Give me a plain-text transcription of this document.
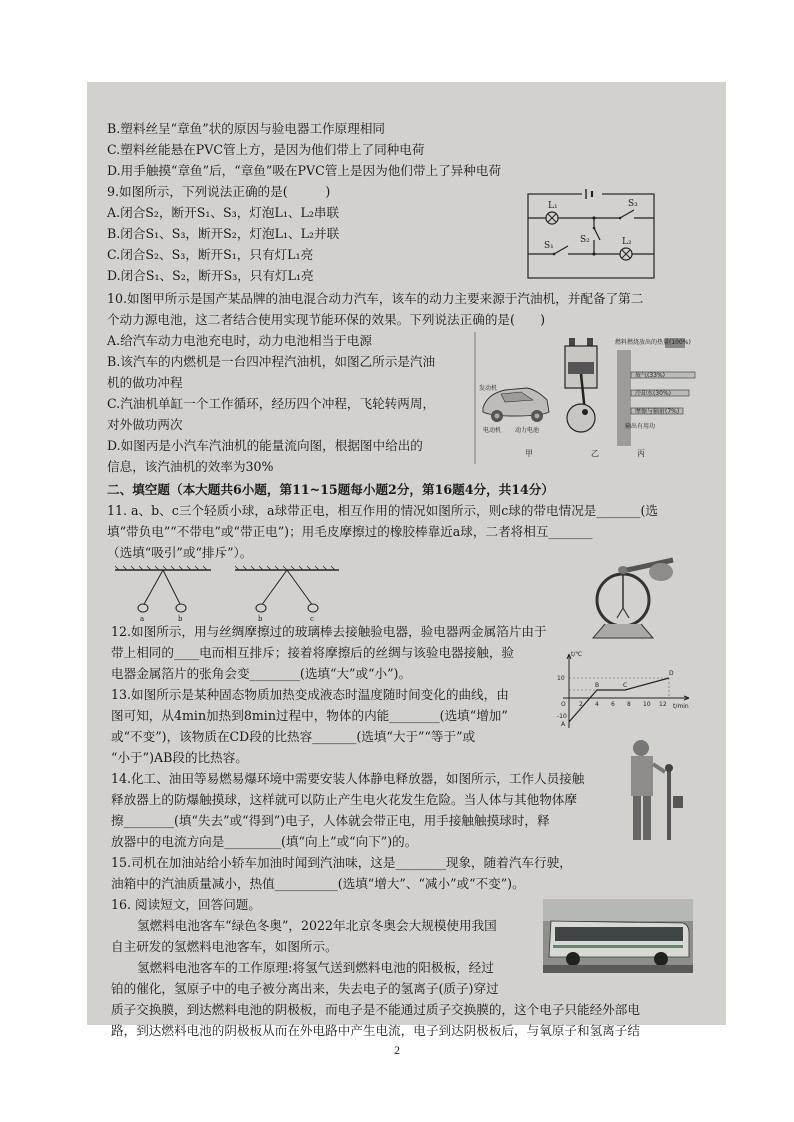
B.塑料丝呈“章鱼”状的原因与验电器工作原理相同
C.塑料丝能悬在PVC管上方，是因为他们带上了同种电荷
D.用手触摸“章鱼”后，“章鱼”吸在PVC管上是因为他们带上了异种电荷
9.如图所示，下列说法正确的是(　　　)
A.闭合S₂，断开S₁、S₃，灯泡L₁、L₂串联
B.闭合S₁、S₃，断开S₂，灯泡L₁、L₂并联
C.闭合S₂、S₃，断开S₁，只有灯L₁亮
D.闭合S₁、S₂，断开S₃，只有灯L₁亮
10.如图甲所示是国产某品牌的油电混合动力汽车，该车的动力主要来源于汽油机，并配备了第二
个动力源电池，这二者结合使用实现节能环保的效果。下列说法正确的是(　　)
A.给汽车动力电池充电时，动力电池相当于电源
B.该汽车的内燃机是一台四冲程汽油机，如图乙所示是汽油
机的做功冲程
C.汽油机单缸一个工作循环，经历四个冲程，飞轮转两周，
对外做功两次
D.如图丙是小汽车汽油机的能量流向图，根据图中给出的
信息，该汽油机的效率为30%
二、填空题（本大题共6小题，第11~15题每小题2分，第16题4分，共14分）
11. a、b、c三个轻质小球，a球带正电，相互作用的情况如图所示，则c球的带电情况是_______(选
填“带负电”“不带电”或“带正电”)；用毛皮摩擦过的橡胶棒靠近a球，二者将相互_______
（选填“吸引”或“排斥”）。
12.如图所示，用与丝绸摩擦过的玻璃棒去接触验电器，验电器两金属箔片由于
带上相同的____电而相互排斥；接着将摩擦后的丝绸与该验电器接触，验
电器金属箔片的张角会变________(选填“大”或“小”)。
13.如图所示是某种固态物质加热变成液态时温度随时间变化的曲线，由
图可知，从4min加热到8min过程中，物体的内能________(选填“增加”
或“不变”)，该物质在CD段的比热容_______(选填“大于”“等于”或
“小于”)AB段的比热容。
14.化工、油田等易燃易爆环境中需要安装人体静电释放器，如图所示，工作人员接触
释放器上的防爆触摸球，这样就可以防止产生电火花发生危险。当人体与其他物体摩
擦________(填“失去”或“得到”)电子，人体就会带正电，用手接触触摸球时，释
放器中的电流方向是_________(填“向上”或“向下”)的。
15.司机在加油站给小轿车加油时闻到汽油味，这是________现象，随着汽车行驶，
油箱中的汽油质量减小，热值__________(选填“增大”、“减小”或“不变”)。
16. 阅读短文，回答问题。
氢燃料电池客车“绿色冬奥”，2022年北京冬奥会大规模使用我国
自主研发的氢燃料电池客车，如图所示。
氢燃料电池客车的工作原理:将氢气送到燃料电池的阳极板，经过
铂的催化，氢原子中的电子被分离出来，失去电子的氢离子(质子)穿过
质子交换膜，到达燃料电池的阴极板，而电子是不能通过质子交换膜的，这个电子只能经外部电
路，到达燃料电池的阴极板从而在外电路中产生电流，电子到达阴极板后，与氧原子和氢离子结
L₁	S₃
S₂
S₁	L₂
发动机
电动机 动力电池
燃料燃烧放出的热量(100%)
废气(33%)
冷却水(30%)
摩擦与辐射(7%)
输出有用功
甲	乙	丙
a	b	b	c
t/℃
t/min
O
A
B	C
D
2 4 6 8 10 12
10
-10
2
